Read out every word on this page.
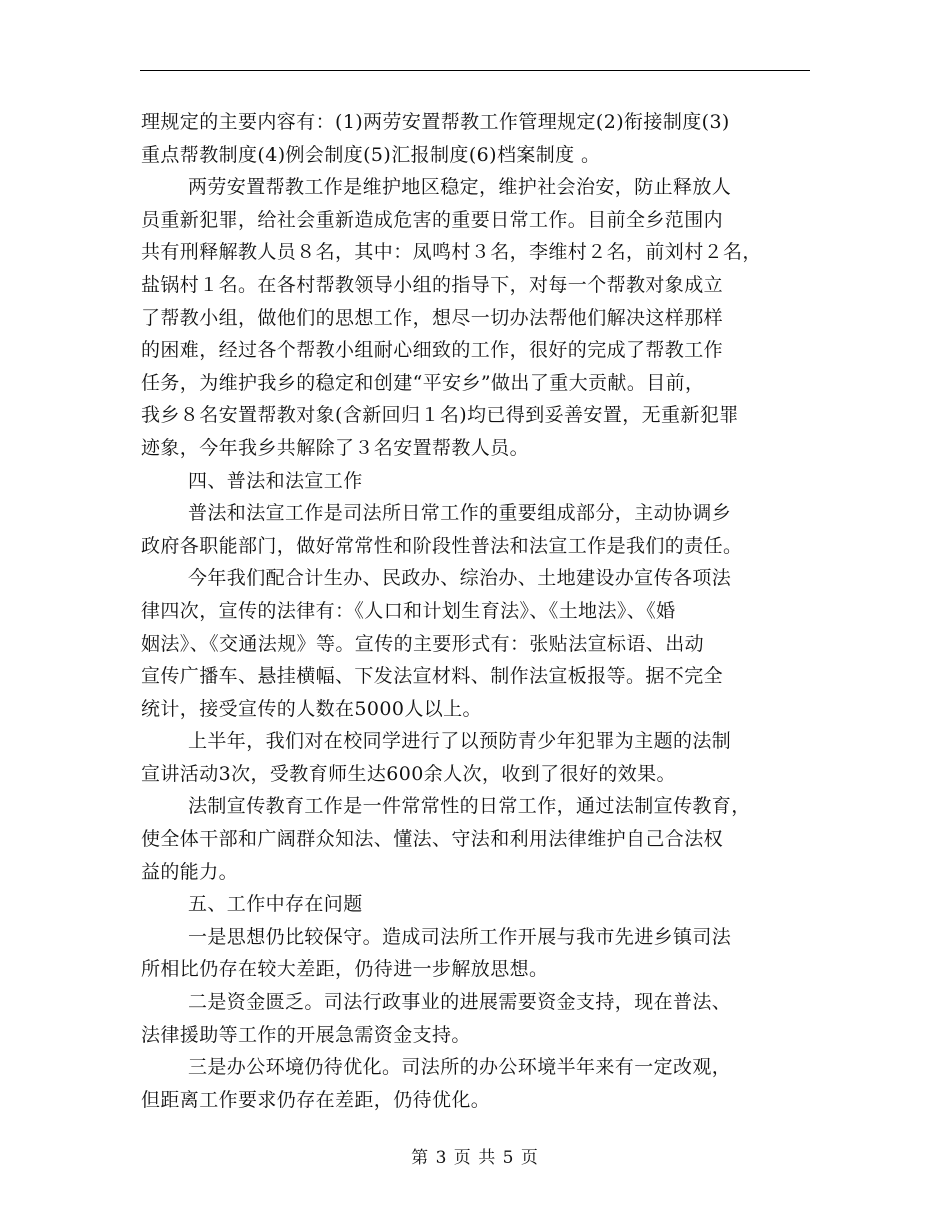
理规定的主要内容有：(1)两劳安置帮教工作管理规定(2)衔接制度(3)
重点帮教制度(4)例会制度(5)汇报制度(6)档案制度 。
两劳安置帮教工作是维护地区稳定，维护社会治安，防止释放人
员重新犯罪，给社会重新造成危害的重要日常工作。目前全乡范围内
共有刑释解教人员８名，其中：凤鸣村３名，李维村２名，前刘村２名，
盐锅村１名。在各村帮教领导小组的指导下，对每一个帮教对象成立
了帮教小组，做他们的思想工作，想尽一切办法帮他们解决这样那样
的困难，经过各个帮教小组耐心细致的工作，很好的完成了帮教工作
任务，为维护我乡的稳定和创建“平安乡”做出了重大贡献。目前，
我乡８名安置帮教对象(含新回归１名)均已得到妥善安置，无重新犯罪
迹象，今年我乡共解除了３名安置帮教人员。
四、普法和法宣工作
普法和法宣工作是司法所日常工作的重要组成部分，主动协调乡
政府各职能部门，做好常常性和阶段性普法和法宣工作是我们的责任。
今年我们配合计生办、民政办、综治办、土地建设办宣传各项法
律四次，宣传的法律有：《人口和计划生育法》、《土地法》、《婚
姻法》、《交通法规》等。宣传的主要形式有：张贴法宣标语、出动
宣传广播车、悬挂横幅、下发法宣材料、制作法宣板报等。据不完全
统计，接受宣传的人数在5000人以上。
上半年，我们对在校同学进行了以预防青少年犯罪为主题的法制
宣讲活动3次，受教育师生达600余人次，收到了很好的效果。
法制宣传教育工作是一件常常性的日常工作，通过法制宣传教育，
使全体干部和广阔群众知法、懂法、守法和利用法律维护自己合法权
益的能力。
五、工作中存在问题
一是思想仍比较保守。造成司法所工作开展与我市先进乡镇司法
所相比仍存在较大差距，仍待进一步解放思想。
二是资金匮乏。司法行政事业的进展需要资金支持，现在普法、
法律援助等工作的开展急需资金支持。
三是办公环境仍待优化。司法所的办公环境半年来有一定改观，
但距离工作要求仍存在差距，仍待优化。
第 3 页 共 5 页
